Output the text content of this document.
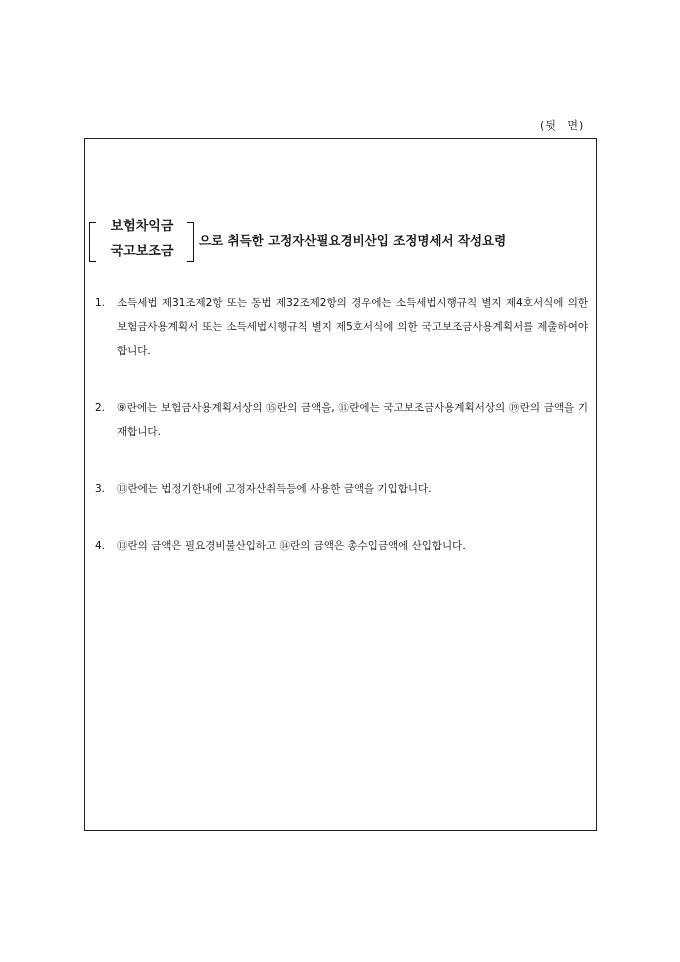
(뒷 면)
보험차익금
국고보조금
으로 취득한 고정자산필요경비산입 조정명세서 작성요령
1. 소득세법 제31조제2항 또는 동법 제32조제2항의 경우에는 소득세법시행규칙 별지 제4호서식에 의한 보험금사용계획서 또는 소득세법시행규칙 별지 제5호서식에 의한 국고보조금사용계획서를 제출하여야 합니다.
2. ⑨란에는 보험금사용계획서상의 ⑮란의 금액을, ⑪란에는 국고보조금사용계획서상의 ⑲란의 금액을 기재합니다.
3. ⑬란에는 법정기한내에 고정자산취득등에 사용한 금액을 기입합니다.
4. ⑬란의 금액은 필요경비불산입하고 ⑭란의 금액은 총수입금액에 산입합니다.
